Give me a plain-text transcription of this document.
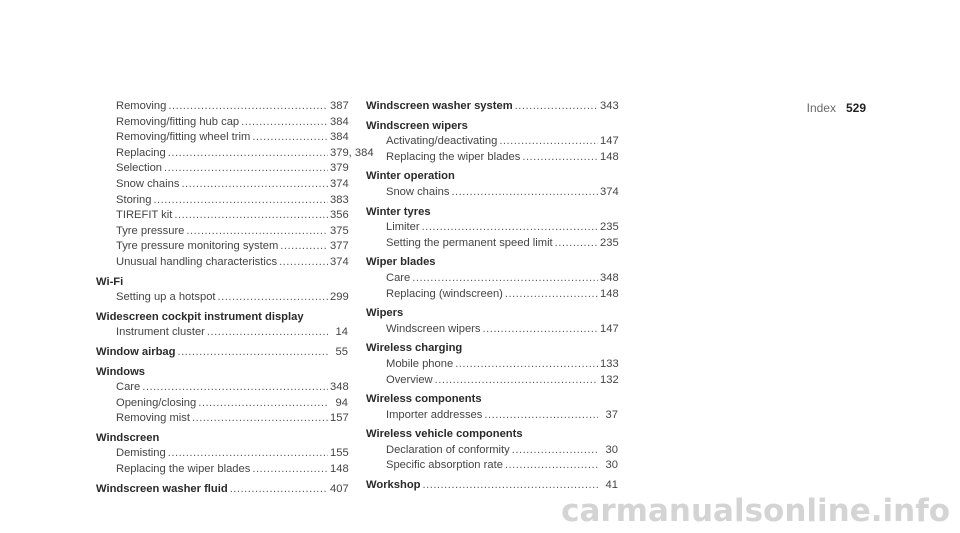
Index 529
Removing .....	387
Removing/fitting hub cap .....	384
Removing/fitting wheel trim .....	384
Replacing .....	379, 384
Selection .....	379
Snow chains .....	374
Storing .....	383
TIREFIT kit .....	356
Tyre pressure .....	375
Tyre pressure monitoring system .....	377
Unusual handling characteristics .....	374
Wi-Fi
Setting up a hotspot .....	299
Widescreen cockpit instrument display
Instrument cluster .....	14
Window airbag .....	55
Windows
Care .....	348
Opening/closing .....	94
Removing mist .....	157
Windscreen
Demisting .....	155
Replacing the wiper blades .....	148
Windscreen washer fluid .....	407
Windscreen washer system .....	343
Windscreen wipers
Activating/deactivating .....	147
Replacing the wiper blades .....	148
Winter operation
Snow chains .....	374
Winter tyres
Limiter .....	235
Setting the permanent speed limit .....	235
Wiper blades
Care .....	348
Replacing (windscreen) .....	148
Wipers
Windscreen wipers .....	147
Wireless charging
Mobile phone .....	133
Overview .....	132
Wireless components
Importer addresses .....	37
Wireless vehicle components
Declaration of conformity .....	30
Specific absorption rate .....	30
Workshop .....	41
carmanualsonline.info
